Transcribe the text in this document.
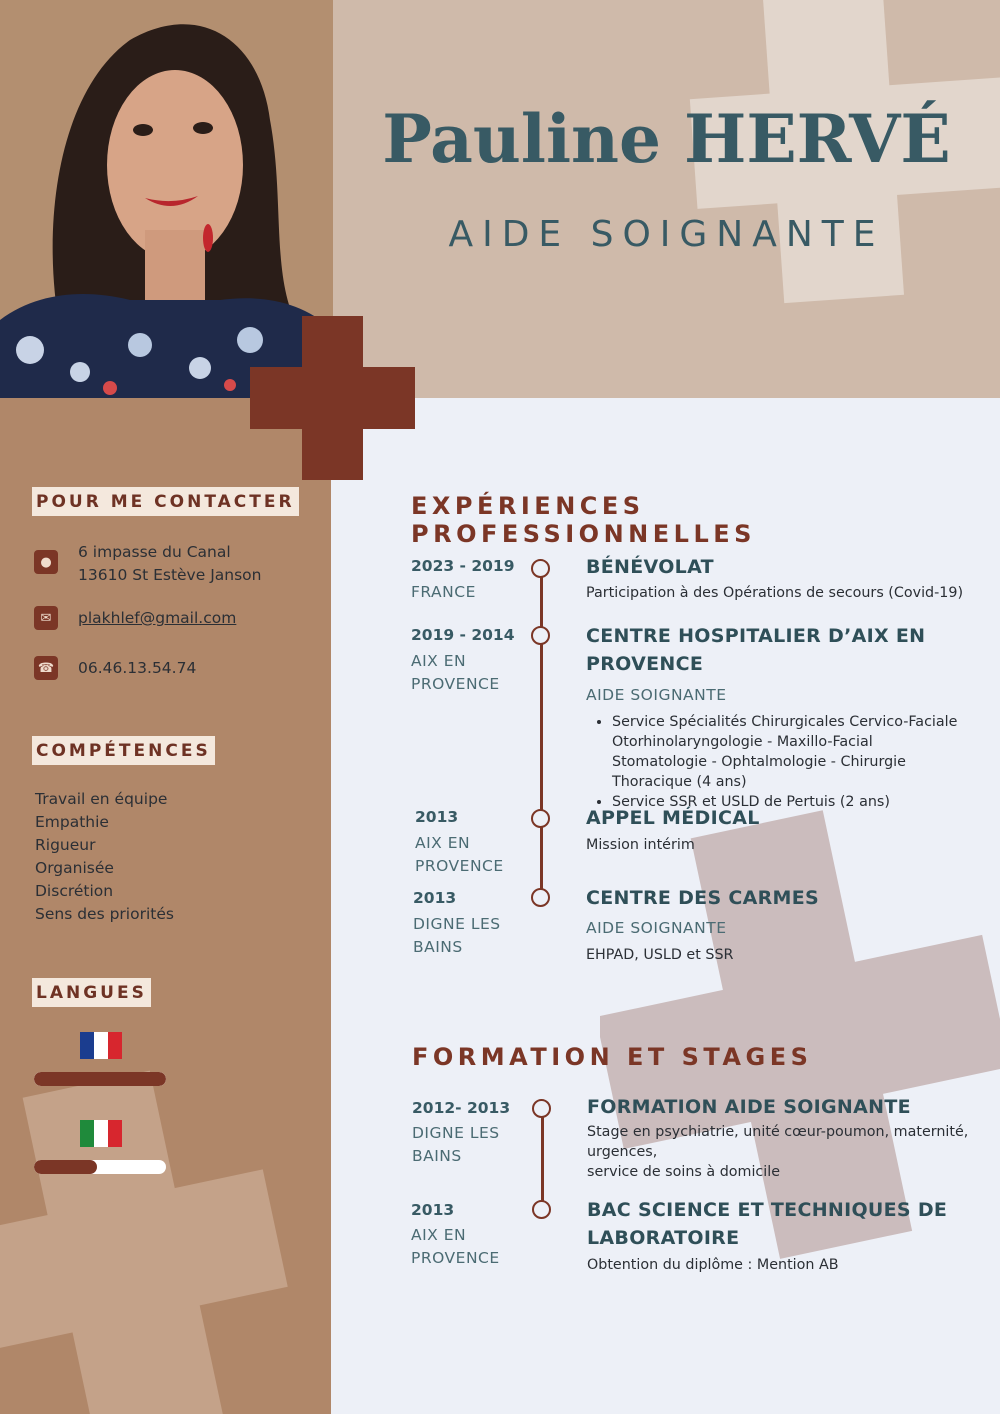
Pauline HERVÉ
AIDE SOIGNANTE
POUR ME CONTACTER
●
6 impasse du Canal
13610 St Estève Janson
✉	plakhlef@gmail.com
☎ 06.46.13.54.74
COMPÉTENCES
Travail en équipe
Empathie
Rigueur
Organisée
Discrétion
Sens des priorités
LANGUES
EXPÉRIENCES PROFESSIONNELLES
2023 - 2019
FRANCE
BÉNÉVOLAT
Participation à des Opérations de secours (Covid-19)
2019 - 2014
AIX EN
PROVENCE
CENTRE HOSPITALIER D’AIX EN
PROVENCE
AIDE SOIGNANTE
• Service Spécialités Chirurgicales Cervico-Faciale Otorhinolaryngologie - Maxillo-Facial Stomatologie - Ophtalmologie - Chirurgie Thoracique (4 ans)
• Service SSR et USLD de Pertuis (2 ans)
2013
AIX EN
PROVENCE
APPEL MÉDICAL
Mission intérim
2013
DIGNE LES
BAINS
CENTRE DES CARMES
AIDE SOIGNANTE
EHPAD, USLD et SSR
FORMATION ET STAGES
2012- 2013
DIGNE LES
BAINS
FORMATION AIDE SOIGNANTE
Stage en psychiatrie, unité cœur-poumon, maternité,
urgences,
service de soins à domicile
2013
AIX EN
PROVENCE
BAC SCIENCE ET TECHNIQUES DE
LABORATOIRE
Obtention du diplôme : Mention AB
